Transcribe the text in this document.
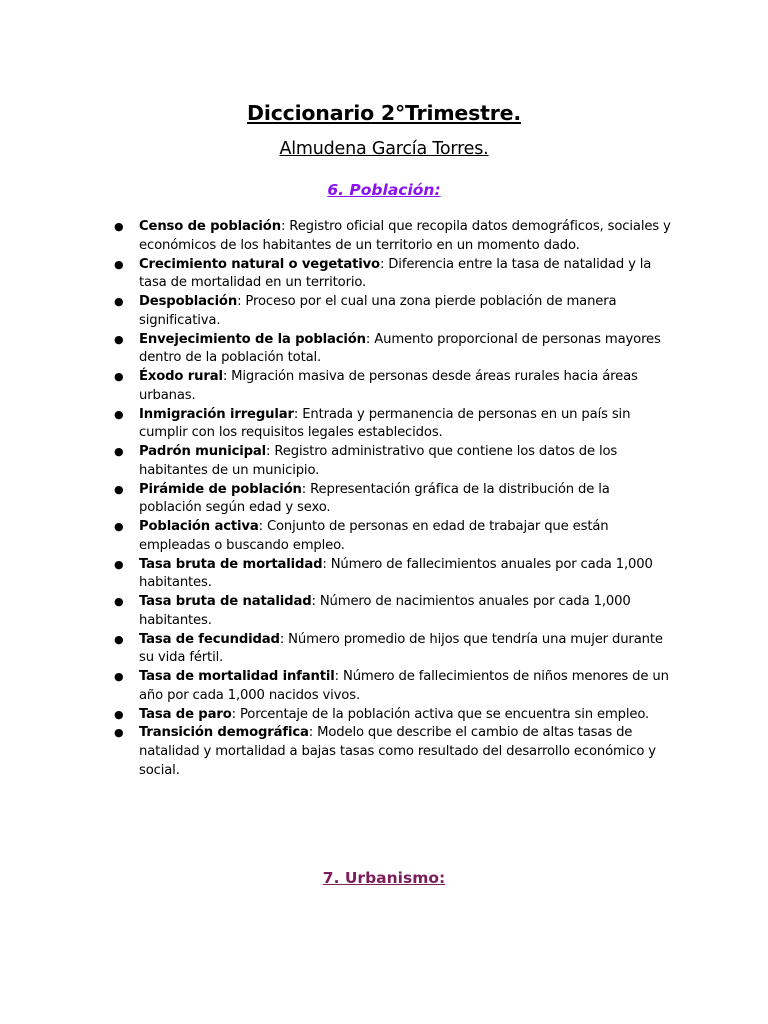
Diccionario 2°Trimestre.
Almudena García Torres.
6. Población:
● Censo de población: Registro oficial que recopila datos demográficos, sociales y económicos de los habitantes de un territorio en un momento dado.
● Crecimiento natural o vegetativo: Diferencia entre la tasa de natalidad y la tasa de mortalidad en un territorio.
● Despoblación: Proceso por el cual una zona pierde población de manera significativa.
● Envejecimiento de la población: Aumento proporcional de personas mayores dentro de la población total.
● Éxodo rural: Migración masiva de personas desde áreas rurales hacia áreas urbanas.
● Inmigración irregular: Entrada y permanencia de personas en un país sin cumplir con los requisitos legales establecidos.
● Padrón municipal: Registro administrativo que contiene los datos de los habitantes de un municipio.
● Pirámide de población: Representación gráfica de la distribución de la población según edad y sexo.
● Población activa: Conjunto de personas en edad de trabajar que están empleadas o buscando empleo.
● Tasa bruta de mortalidad: Número de fallecimientos anuales por cada 1,000 habitantes.
● Tasa bruta de natalidad: Número de nacimientos anuales por cada 1,000 habitantes.
● Tasa de fecundidad: Número promedio de hijos que tendría una mujer durante su vida fértil.
● Tasa de mortalidad infantil: Número de fallecimientos de niños menores de un año por cada 1,000 nacidos vivos.
● Tasa de paro: Porcentaje de la población activa que se encuentra sin empleo.
● Transición demográfica: Modelo que describe el cambio de altas tasas de natalidad y mortalidad a bajas tasas como resultado del desarrollo económico y social.
7. Urbanismo:
